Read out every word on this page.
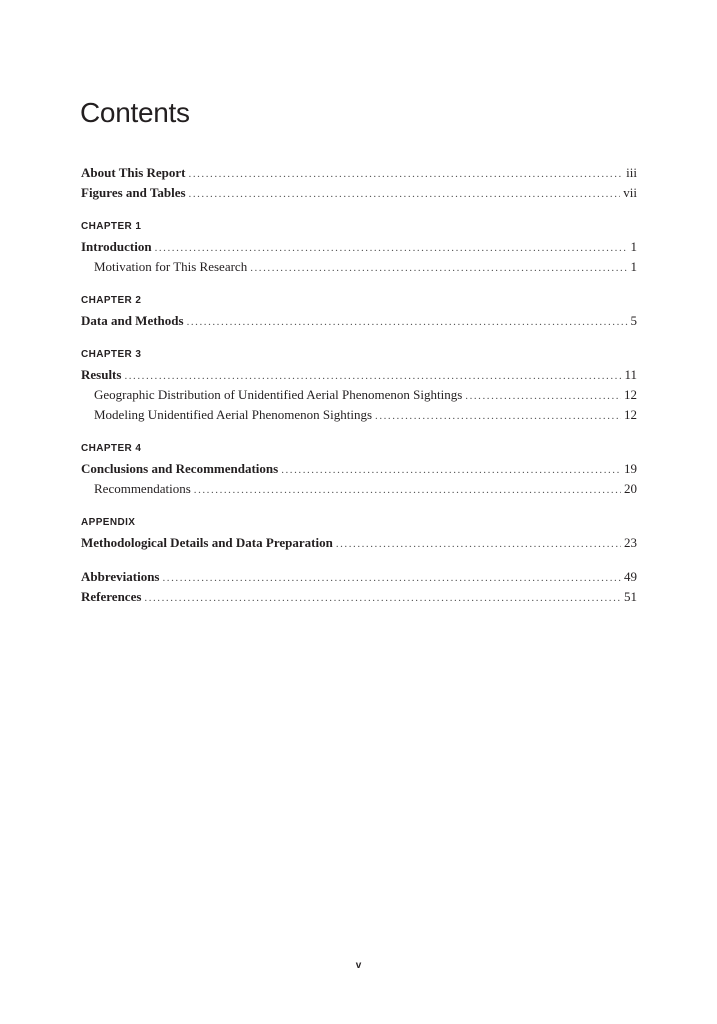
Contents
About This Report . . .	iii
Figures and Tables . . .	vii
CHAPTER 1
Introduction . . .	1
Motivation for This Research . . .	1
CHAPTER 2
Data and Methods . . .	5
CHAPTER 3
Results . . .	11
Geographic Distribution of Unidentified Aerial Phenomenon Sightings . . .	12
Modeling Unidentified Aerial Phenomenon Sightings . . .	12
CHAPTER 4
Conclusions and Recommendations . . .	19
Recommendations . . .	20
APPENDIX
Methodological Details and Data Preparation . . .	23
Abbreviations . . .	49
References . . .	51
v
